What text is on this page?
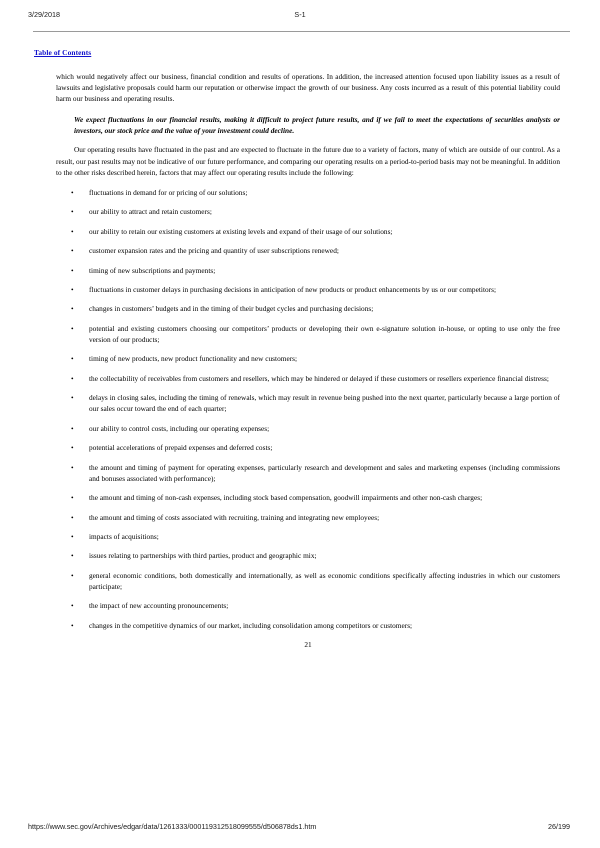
3/29/2018	S-1
Table of Contents

which would negatively affect our business, financial condition and results of operations. In addition, the increased attention focused upon liability issues as a result of lawsuits and legislative proposals could harm our reputation or otherwise impact the growth of our business. Any costs incurred as a result of this potential liability could harm our business and operating results.

We expect fluctuations in our financial results, making it difficult to project future results, and if we fail to meet the expectations of securities analysts or investors, our stock price and the value of your investment could decline.

Our operating results have fluctuated in the past and are expected to fluctuate in the future due to a variety of factors, many of which are outside of our control. As a result, our past results may not be indicative of our future performance, and comparing our operating results on a period-to-period basis may not be meaningful. In addition to the other risks described herein, factors that may affect our operating results include the following:

• fluctuations in demand for or pricing of our solutions;
• our ability to attract and retain customers;
• our ability to retain our existing customers at existing levels and expand of their usage of our solutions;
• customer expansion rates and the pricing and quantity of user subscriptions renewed;
• timing of new subscriptions and payments;
• fluctuations in customer delays in purchasing decisions in anticipation of new products or product enhancements by us or our competitors;
• changes in customers’ budgets and in the timing of their budget cycles and purchasing decisions;
• potential and existing customers choosing our competitors’ products or developing their own e-signature solution in-house, or opting to use only the free version of our products;
• timing of new products, new product functionality and new customers;
• the collectability of receivables from customers and resellers, which may be hindered or delayed if these customers or resellers experience financial distress;
• delays in closing sales, including the timing of renewals, which may result in revenue being pushed into the next quarter, particularly because a large portion of our sales occur toward the end of each quarter;
• our ability to control costs, including our operating expenses;
• potential accelerations of prepaid expenses and deferred costs;
• the amount and timing of payment for operating expenses, particularly research and development and sales and marketing expenses (including commissions and bonuses associated with performance);
• the amount and timing of non-cash expenses, including stock based compensation, goodwill impairments and other non-cash charges;
• the amount and timing of costs associated with recruiting, training and integrating new employees;
• impacts of acquisitions;
• issues relating to partnerships with third parties, product and geographic mix;
• general economic conditions, both domestically and internationally, as well as economic conditions specifically affecting industries in which our customers participate;
• the impact of new accounting pronouncements;
• changes in the competitive dynamics of our market, including consolidation among competitors or customers;
21
https://www.sec.gov/Archives/edgar/data/1261333/000119312518099555/d506878ds1.htm	26/199
